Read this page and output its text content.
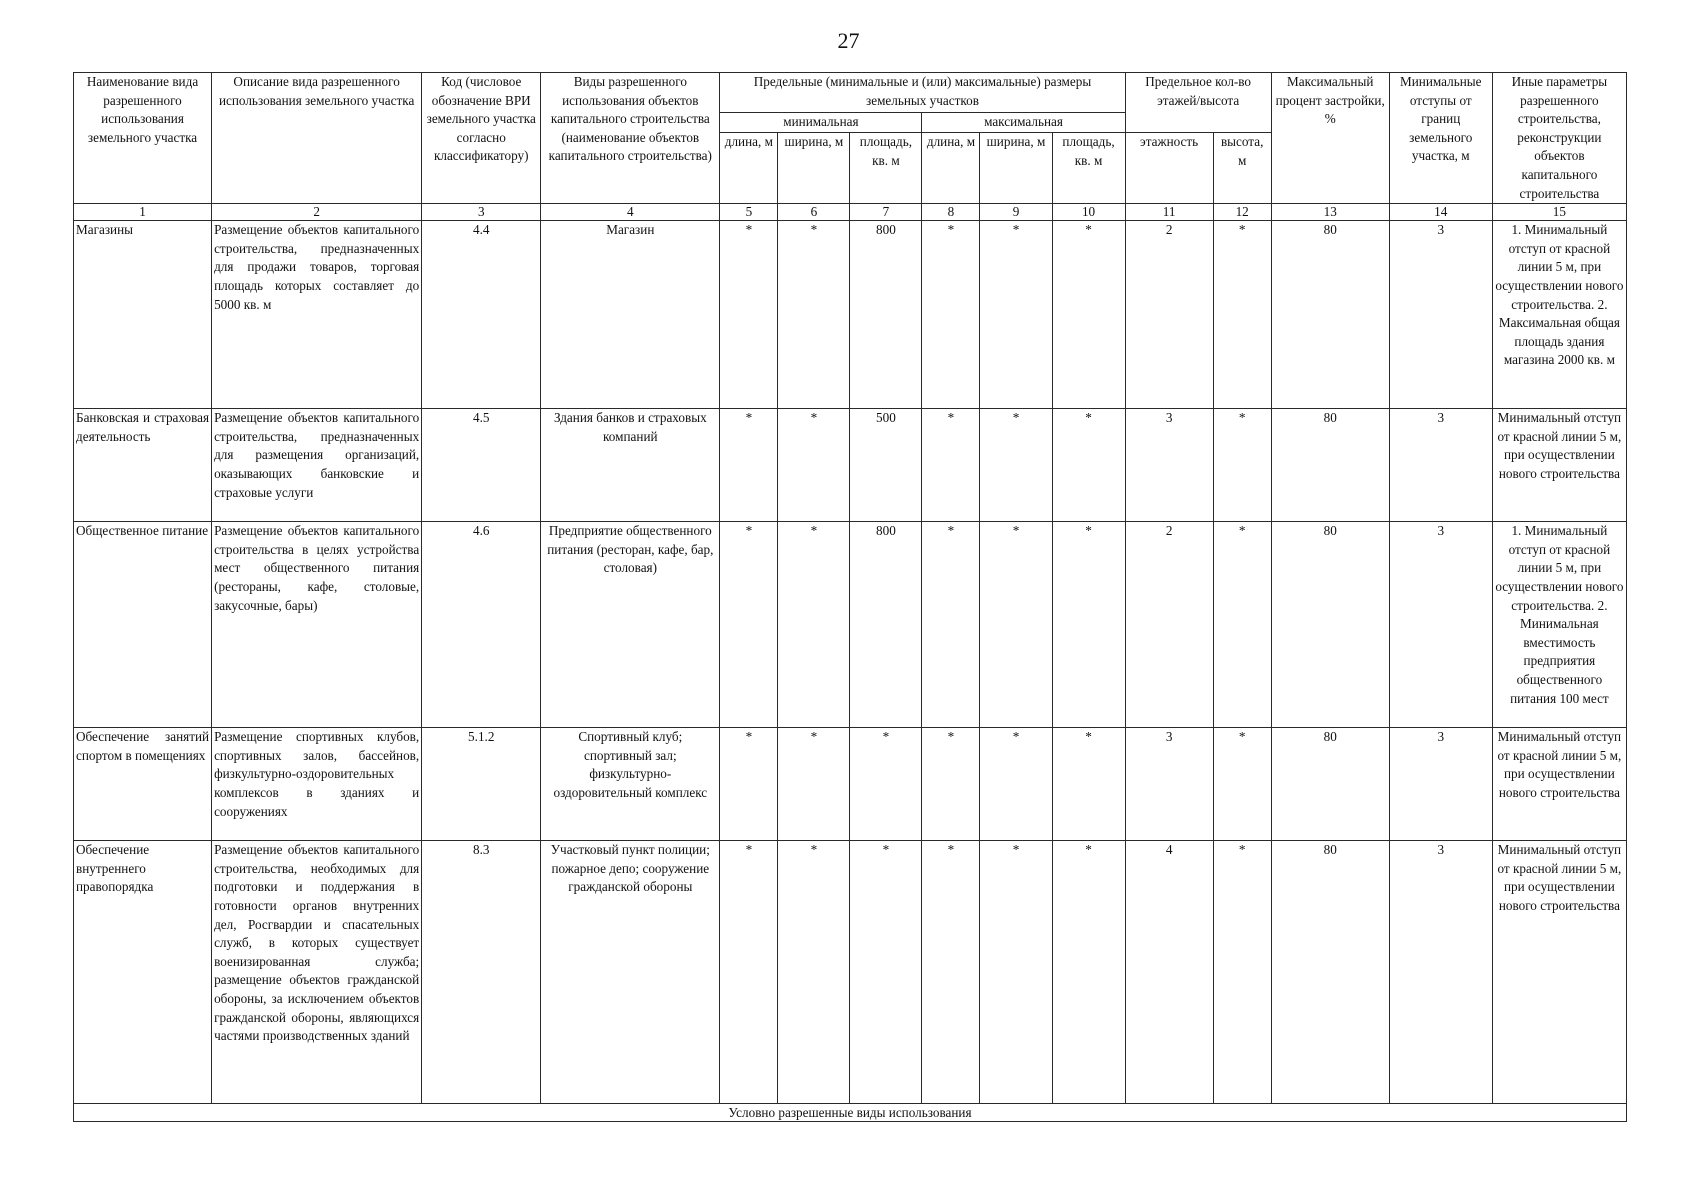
27
Наименование вида разрешенного использования земельного участка	Описание вида разрешенного использования земельного участка	Код (числовое обозначение ВРИ земельного участка согласно классификатору)	Виды разрешенного использования объектов капитального строительства (наименование объектов капитального строительства)	Предельные (минимальные и (или) максимальные) размеры земельных участков						Предельное кол-во этажей/высота		Максимальный процент застройки, %	Минимальные отступы от границ земельного участка, м	Иные параметры разрешенного строительства, реконструкции объектов капитального строительства
				минимальная			максимальная							
				длина, м	ширина, м	площадь, кв. м	длина, м	ширина, м	площадь, кв. м	этажность	высота, м			
1	2	3	4	5	6	7	8	9	10	11	12	13	14	15
Магазины	Размещение объектов капитального строительства, предназначенных для продажи товаров, торговая площадь которых составляет до 5000 кв. м	4.4	Магазин	*	*	800	*	*	*	2	*	80	3	1. Минимальный отступ от красной линии 5 м, при осуществлении нового строительства. 2. Максимальная общая площадь здания магазина 2000 кв. м
Банковская и страховая деятельность	Размещение объектов капитального строительства, предназначенных для размещения организаций, оказывающих банковские и страховые услуги	4.5	Здания банков и страховых компаний	*	*	500	*	*	*	3	*	80	3	Минимальный отступ от красной линии 5 м, при осуществлении нового строительства
Общественное питание	Размещение объектов капитального строительства в целях устройства мест общественного питания (рестораны, кафе, столовые, закусочные, бары)	4.6	Предприятие общественного питания (ресторан, кафе, бар, столовая)	*	*	800	*	*	*	2	*	80	3	1. Минимальный отступ от красной линии 5 м, при осуществлении нового строительства. 2. Минимальная вместимость предприятия общественного питания 100 мест
Обеспечение занятий спортом в помещениях	Размещение спортивных клубов, спортивных залов, бассейнов, физкультурно-оздоровительных комплексов в зданиях и сооружениях	5.1.2	Спортивный клуб; спортивный зал; физкультурно-оздоровительный комплекс	*	*	*	*	*	*	3	*	80	3	Минимальный отступ от красной линии 5 м, при осуществлении нового строительства
Обеспечение внутреннего правопорядка	Размещение объектов капитального строительства, необходимых для подготовки и поддержания в готовности органов внутренних дел, Росгвардии и спасательных служб, в которых существует военизированная служба; размещение объектов гражданской обороны, за исключением объектов гражданской обороны, являющихся частями производственных зданий	8.3	Участковый пункт полиции; пожарное депо; сооружение гражданской обороны	*	*	*	*	*	*	4	*	80	3	Минимальный отступ от красной линии 5 м, при осуществлении нового строительства
Условно разрешенные виды использования														
